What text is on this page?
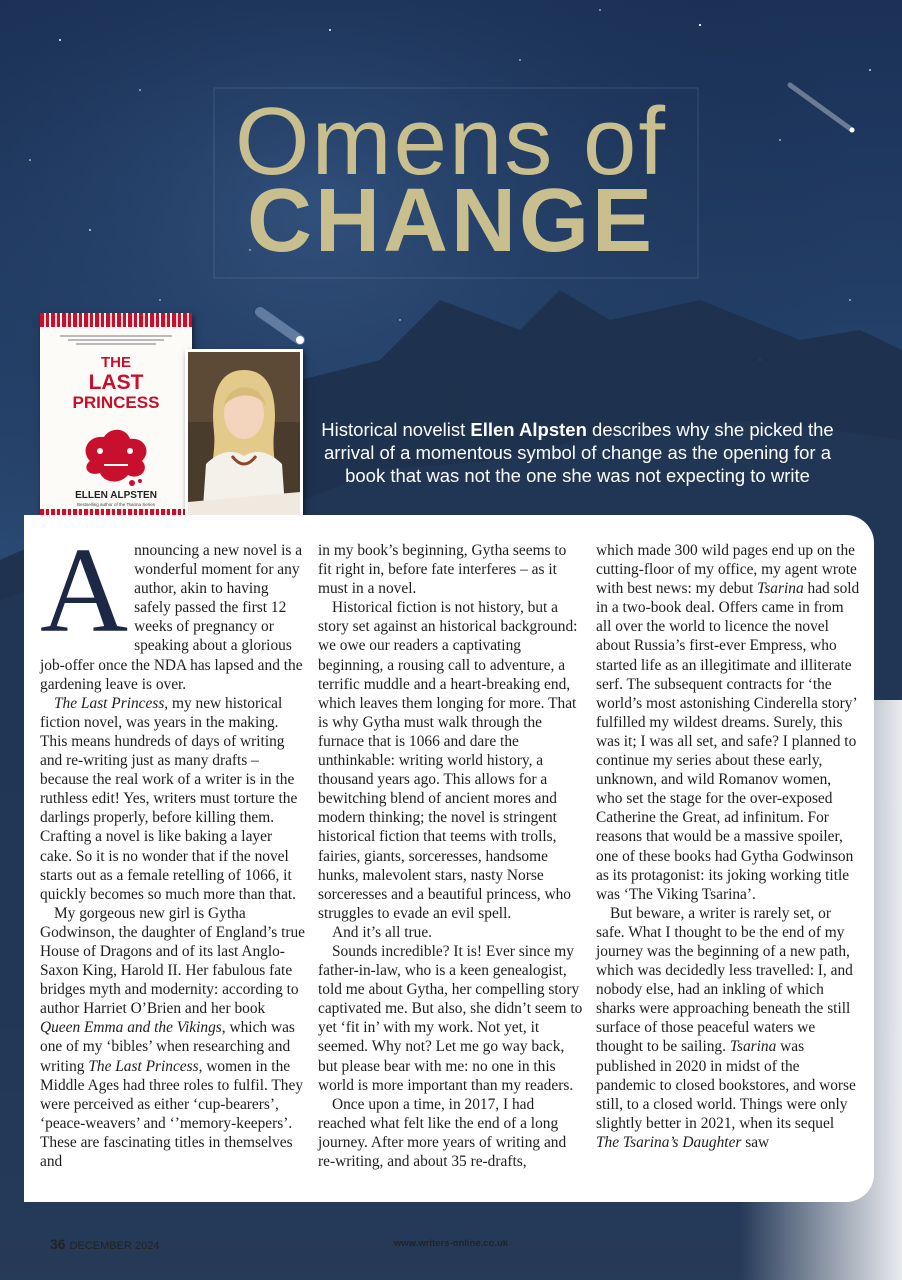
Omens of
CHANGE
THE
LAST
PRINCESS
ELLEN ALPSTEN
Bestselling author of the Tsarina Series
Historical novelist Ellen Alpsten describes why she picked the arrival of a momentous symbol of change as the opening for a book that was not the one she was not expecting to write
A nnouncing a new novel is a wonderful moment for any author, akin to having safely passed the first 12 weeks of pregnancy or speaking about a glorious job-offer once the NDA has lapsed and the gardening leave is over.

The Last Princess, my new historical fiction novel, was years in the making. This means hundreds of days of writing and re-writing just as many drafts – because the real work of a writer is in the ruthless edit! Yes, writers must torture the darlings properly, before killing them. Crafting a novel is like baking a layer cake. So it is no wonder that if the novel starts out as a female retelling of 1066, it quickly becomes so much more than that.

My gorgeous new girl is Gytha Godwinson, the daughter of England’s true House of Dragons and of its last Anglo-Saxon King, Harold II. Her fabulous fate bridges myth and modernity: according to author Harriet O’Brien and her book Queen Emma and the Vikings, which was one of my ‘bibles’ when researching and writing The Last Princess, women in the Middle Ages had three roles to fulfil. They were perceived as either ‘cup-bearers’, ‘peace-weavers’ and ‘’memory-keepers’. These are fascinating titles in themselves and

in my book’s beginning, Gytha seems to fit right in, before fate interferes – as it must in a novel.

Historical fiction is not history, but a story set against an historical background: we owe our readers a captivating beginning, a rousing call to adventure, a terrific muddle and a heart-breaking end, which leaves them longing for more. That is why Gytha must walk through the furnace that is 1066 and dare the unthinkable: writing world history, a thousand years ago. This allows for a bewitching blend of ancient mores and modern thinking; the novel is stringent historical fiction that teems with trolls, fairies, giants, sorceresses, handsome hunks, malevolent stars, nasty Norse sorceresses and a beautiful princess, who struggles to evade an evil spell.

And it’s all true.

Sounds incredible? It is! Ever since my father-in-law, who is a keen genealogist, told me about Gytha, her compelling story captivated me. But also, she didn’t seem to yet ‘fit in’ with my work. Not yet, it seemed. Why not? Let me go way back, but please bear with me: no one in this world is more important than my readers.

Once upon a time, in 2017, I had reached what felt like the end of a long journey. After more years of writing and re-writing, and about 35 re-drafts,

which made 300 wild pages end up on the cutting-floor of my office, my agent wrote with best news: my debut Tsarina had sold in a two-book deal. Offers came in from all over the world to licence the novel about Russia’s first-ever Empress, who started life as an illegitimate and illiterate serf. The subsequent contracts for ‘the world’s most astonishing Cinderella story’ fulfilled my wildest dreams. Surely, this was it; I was all set, and safe? I planned to continue my series about these early, unknown, and wild Romanov women, who set the stage for the over-exposed Catherine the Great, ad infinitum. For reasons that would be a massive spoiler, one of these books had Gytha Godwinson as its protagonist: its joking working title was ‘The Viking Tsarina’.

But beware, a writer is rarely set, or safe. What I thought to be the end of my journey was the beginning of a new path, which was decidedly less travelled: I, and nobody else, had an inkling of which sharks were approaching beneath the still surface of those peaceful waters we thought to be sailing. Tsarina was published in 2020 in midst of the pandemic to closed bookstores, and worse still, to a closed world. Things were only slightly better in 2021, when its sequel The Tsarina’s Daughter saw

36 DECEMBER 2024	www.writers-online.co.uk
